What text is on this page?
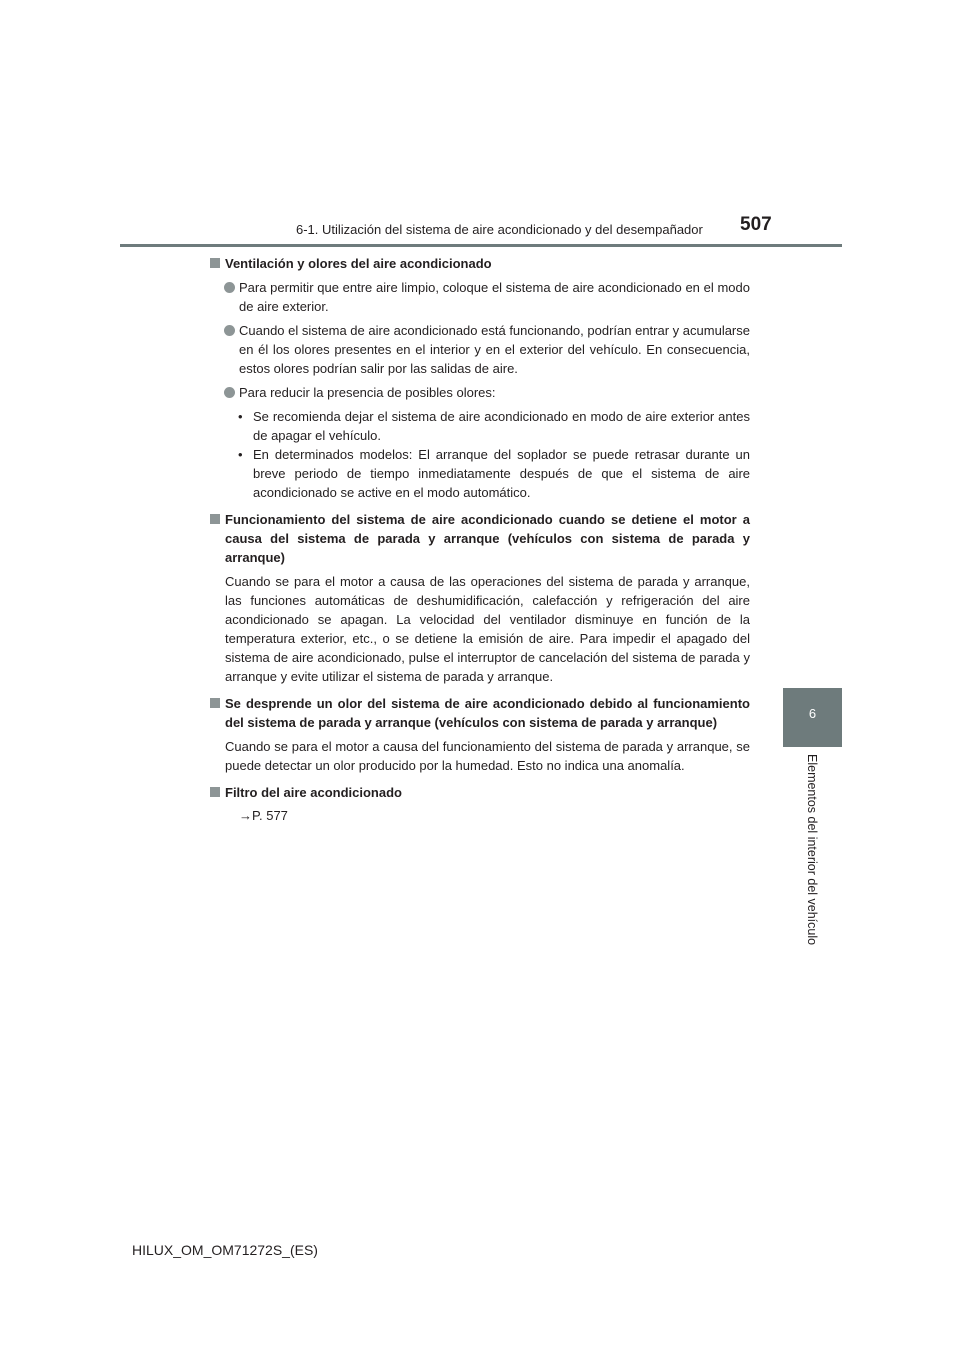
6-1. Utilización del sistema de aire acondicionado y del desempañador 507
6
Elementos del interior del vehículo
Ventilación y olores del aire acondicionado
Para permitir que entre aire limpio, coloque el sistema de aire acondicionado en el modo de aire exterior.
Cuando el sistema de aire acondicionado está funcionando, podrían entrar y acumularse en él los olores presentes en el interior y en el exterior del vehículo. En consecuencia, estos olores podrían salir por las salidas de aire.
Para reducir la presencia de posibles olores:
• Se recomienda dejar el sistema de aire acondicionado en modo de aire exterior antes de apagar el vehículo.
• En determinados modelos: El arranque del soplador se puede retrasar durante un breve periodo de tiempo inmediatamente después de que el sistema de aire acondicionado se active en el modo automático.
Funcionamiento del sistema de aire acondicionado cuando se detiene el motor a causa del sistema de parada y arranque (vehículos con sistema de parada y arranque)
Cuando se para el motor a causa de las operaciones del sistema de parada y arranque, las funciones automáticas de deshumidificación, calefacción y refrigeración del aire acondicionado se apagan. La velocidad del ventilador disminuye en función de la temperatura exterior, etc., o se detiene la emisión de aire. Para impedir el apagado del sistema de aire acondicionado, pulse el interruptor de cancelación del sistema de parada y arranque y evite utilizar el sistema de parada y arranque.
Se desprende un olor del sistema de aire acondicionado debido al funcionamiento del sistema de parada y arranque (vehículos con sistema de parada y arranque)
Cuando se para el motor a causa del funcionamiento del sistema de parada y arranque, se puede detectar un olor producido por la humedad. Esto no indica una anomalía.
Filtro del aire acondicionado
→P. 577
HILUX_OM_OM71272S_(ES)
